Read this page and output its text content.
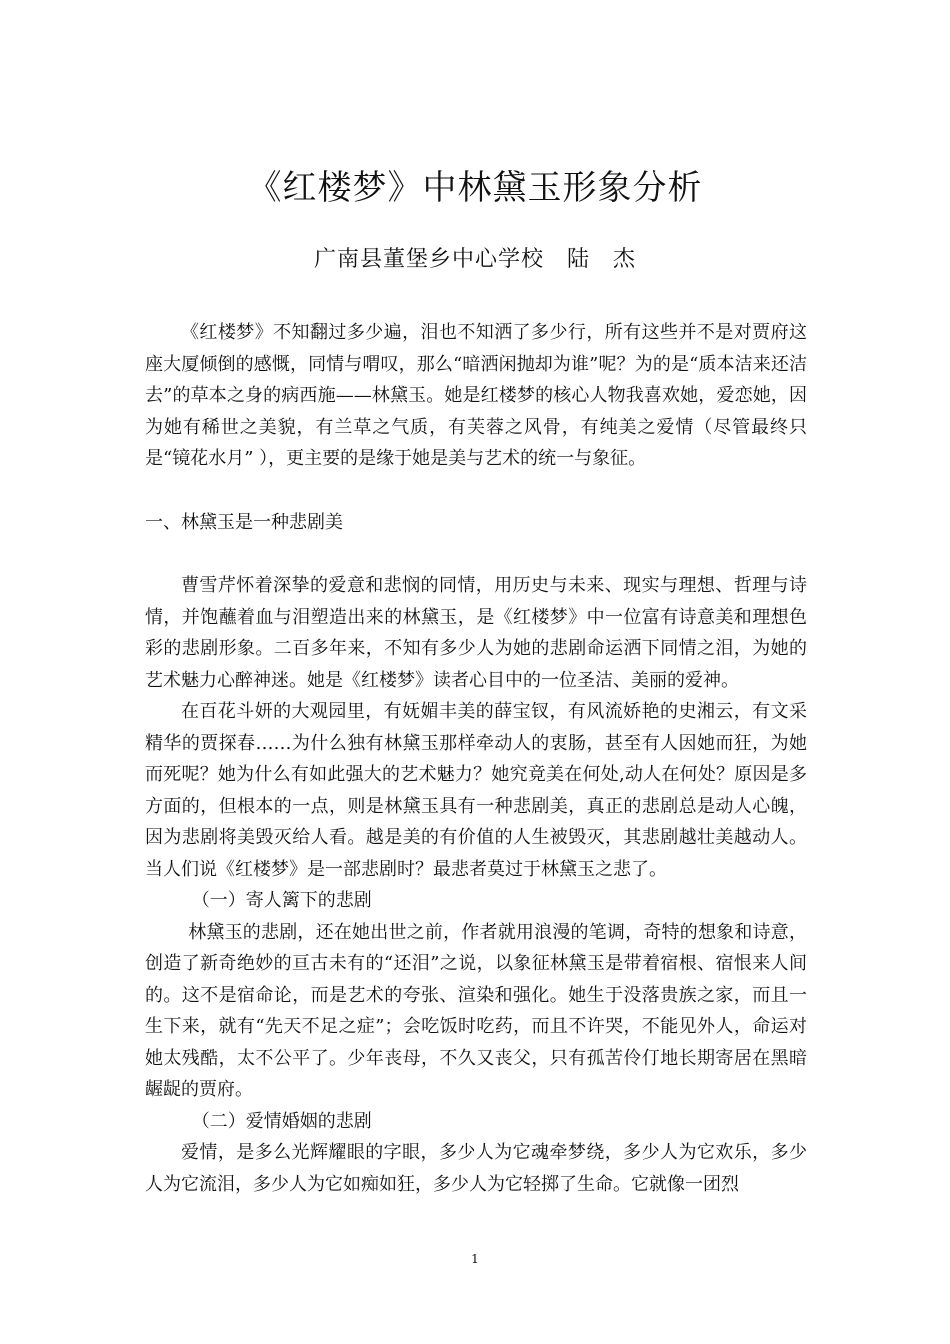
《红楼梦》中林黛玉形象分析
广南县董堡乡中心学校　陆　杰

《红楼梦》不知翻过多少遍，泪也不知洒了多少行，所有这些并不是对贾府这座大厦倾倒的感慨，同情与喟叹，那么“暗洒闲抛却为谁”呢？为的是“质本洁来还洁去”的草本之身的病西施——林黛玉。她是红楼梦的核心人物我喜欢她，爱恋她，因为她有稀世之美貌，有兰草之气质，有芙蓉之风骨，有纯美之爱情（尽管最终只是“镜花水月” ），更主要的是缘于她是美与艺术的统一与象征。

一、林黛玉是一种悲剧美

曹雪芹怀着深挚的爱意和悲悯的同情，用历史与未来、现实与理想、哲理与诗情，并饱蘸着血与泪塑造出来的林黛玉，是《红楼梦》中一位富有诗意美和理想色彩的悲剧形象。二百多年来，不知有多少人为她的悲剧命运洒下同情之泪，为她的艺术魅力心醉神迷。她是《红楼梦》读者心目中的一位圣洁、美丽的爱神。

在百花斗妍的大观园里，有妩媚丰美的薛宝钗，有风流娇艳的史湘云，有文采精华的贾探春……为什么独有林黛玉那样牵动人的衷肠，甚至有人因她而狂，为她而死呢？她为什么有如此强大的艺术魅力？她究竟美在何处,动人在何处？原因是多方面的，但根本的一点，则是林黛玉具有一种悲剧美，真正的悲剧总是动人心魄，因为悲剧将美毁灭给人看。越是美的有价值的人生被毁灭，其悲剧越壮美越动人。当人们说《红楼梦》是一部悲剧时？最悲者莫过于林黛玉之悲了。

（一）寄人篱下的悲剧

林黛玉的悲剧，还在她出世之前，作者就用浪漫的笔调，奇特的想象和诗意，创造了新奇绝妙的亘古未有的“还泪”之说，以象征林黛玉是带着宿根、宿恨来人间的。这不是宿命论，而是艺术的夸张、渲染和强化。她生于没落贵族之家，而且一生下来，就有“先天不足之症”；会吃饭时吃药，而且不许哭，不能见外人，命运对她太残酷，太不公平了。少年丧母，不久又丧父，只有孤苦伶仃地长期寄居在黑暗龌龊的贾府。

（二）爱情婚姻的悲剧

爱情，是多么光辉耀眼的字眼，多少人为它魂牵梦绕，多少人为它欢乐，多少人为它流泪，多少人为它如痴如狂，多少人为它轻掷了生命。它就像一团烈

1
